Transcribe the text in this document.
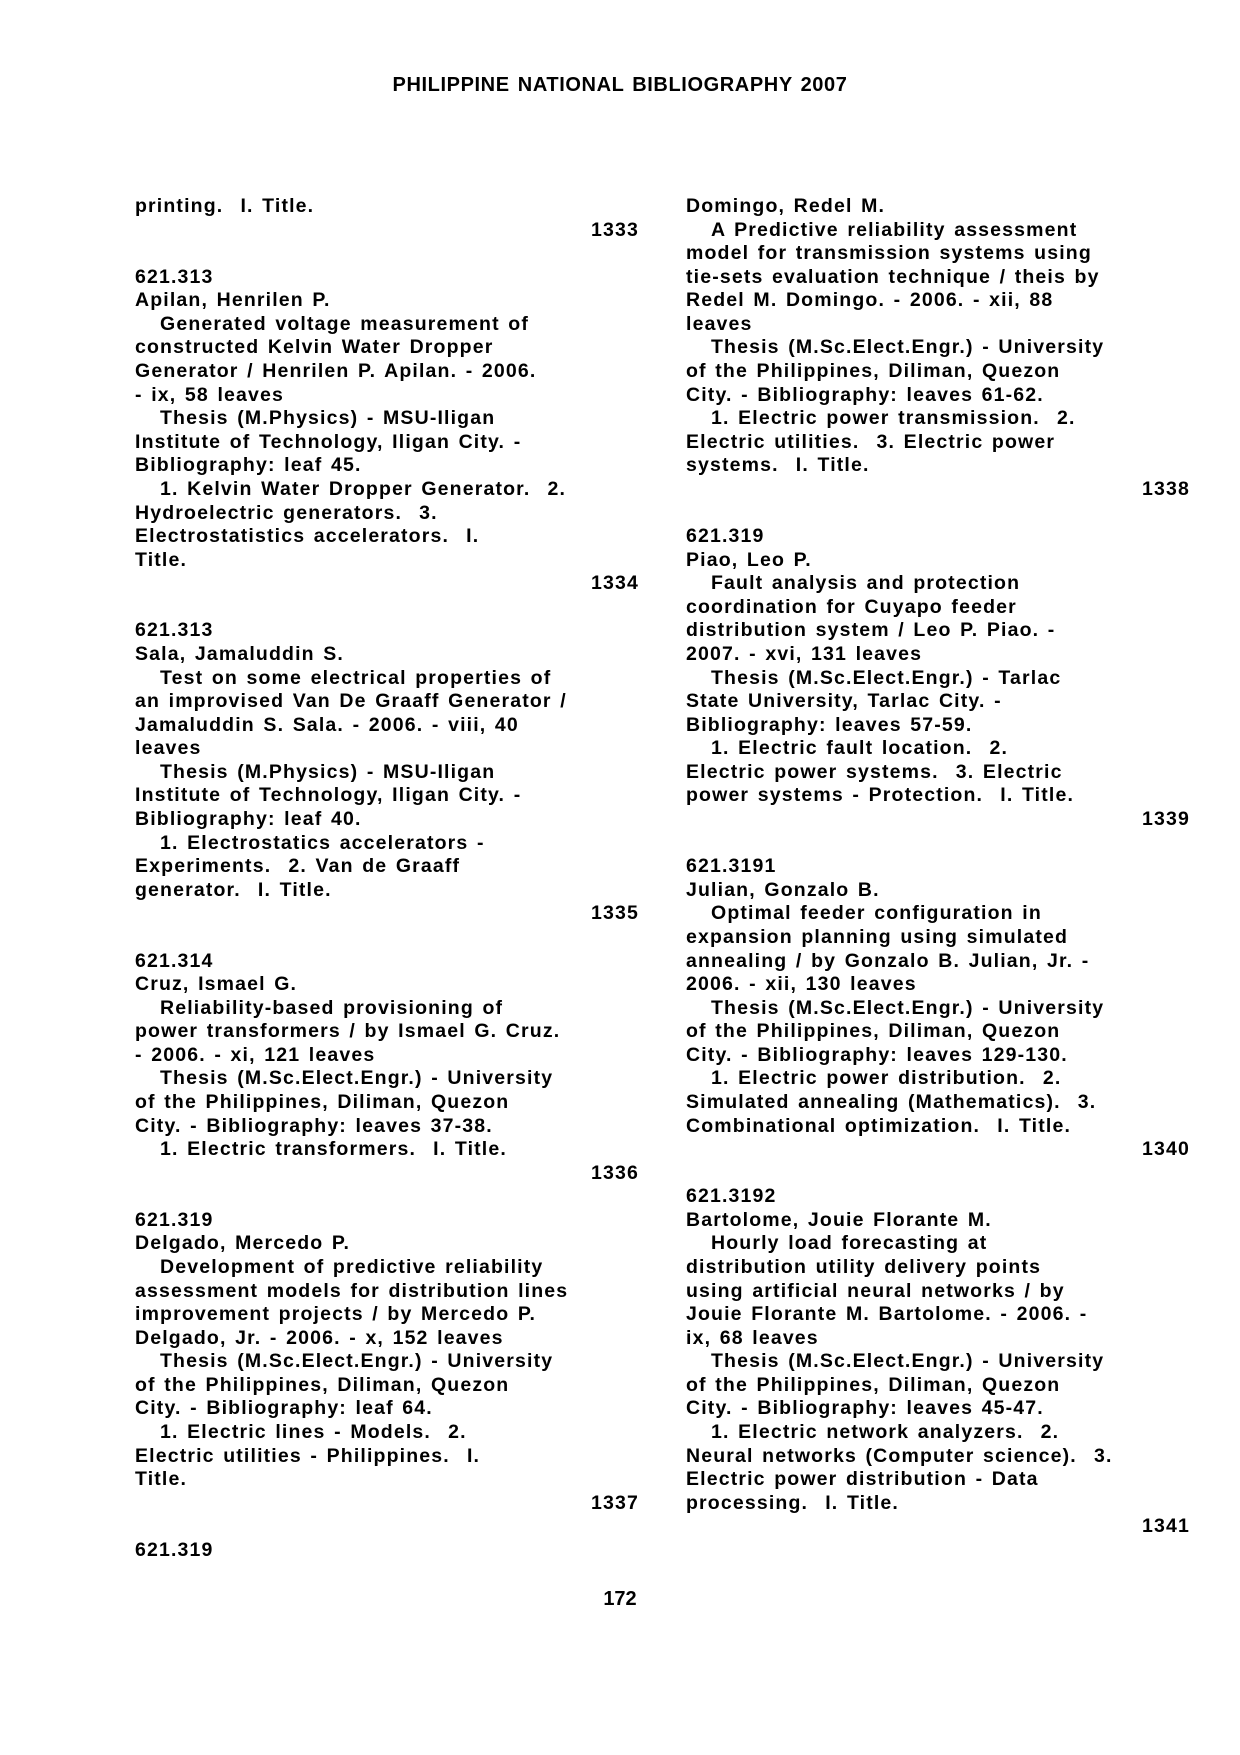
PHILIPPINE NATIONAL BIBLIOGRAPHY 2007
printing.  I. Title.
1333
621.313
Apilan, Henrilen P.
Generated voltage measurement of
constructed Kelvin Water Dropper
Generator / Henrilen P. Apilan. - 2006.
- ix, 58 leaves
Thesis (M.Physics) - MSU-Iligan
Institute of Technology, Iligan City. -
Bibliography: leaf 45.
1. Kelvin Water Dropper Generator.  2.
Hydroelectric generators.  3.
Electrostatistics accelerators.  I.
Title.
1334
621.313
Sala, Jamaluddin S.
Test on some electrical properties of
an improvised Van De Graaff Generator /
Jamaluddin S. Sala. - 2006. - viii, 40
leaves
Thesis (M.Physics) - MSU-Iligan
Institute of Technology, Iligan City. -
Bibliography: leaf 40.
1. Electrostatics accelerators -
Experiments.  2. Van de Graaff
generator.  I. Title.
1335
621.314
Cruz, Ismael G.
Reliability-based provisioning of
power transformers / by Ismael G. Cruz.
- 2006. - xi, 121 leaves
Thesis (M.Sc.Elect.Engr.) - University
of the Philippines, Diliman, Quezon
City. - Bibliography: leaves 37-38.
1. Electric transformers.  I. Title.
1336
621.319
Delgado, Mercedo P.
Development of predictive reliability
assessment models for distribution lines
improvement projects / by Mercedo P.
Delgado, Jr. - 2006. - x, 152 leaves
Thesis (M.Sc.Elect.Engr.) - University
of the Philippines, Diliman, Quezon
City. - Bibliography: leaf 64.
1. Electric lines - Models.  2.
Electric utilities - Philippines.  I.
Title.
1337
621.319
Domingo, Redel M.
A Predictive reliability assessment
model for transmission systems using
tie-sets evaluation technique / theis by
Redel M. Domingo. - 2006. - xii, 88
leaves
Thesis (M.Sc.Elect.Engr.) - University
of the Philippines, Diliman, Quezon
City. - Bibliography: leaves 61-62.
1. Electric power transmission.  2.
Electric utilities.  3. Electric power
systems.  I. Title.
1338
621.319
Piao, Leo P.
Fault analysis and protection
coordination for Cuyapo feeder
distribution system / Leo P. Piao. -
2007. - xvi, 131 leaves
Thesis (M.Sc.Elect.Engr.) - Tarlac
State University, Tarlac City. -
Bibliography: leaves 57-59.
1. Electric fault location.  2.
Electric power systems.  3. Electric
power systems - Protection.  I. Title.
1339
621.3191
Julian, Gonzalo B.
Optimal feeder configuration in
expansion planning using simulated
annealing / by Gonzalo B. Julian, Jr. -
2006. - xii, 130 leaves
Thesis (M.Sc.Elect.Engr.) - University
of the Philippines, Diliman, Quezon
City. - Bibliography: leaves 129-130.
1. Electric power distribution.  2.
Simulated annealing (Mathematics).  3.
Combinational optimization.  I. Title.
1340
621.3192
Bartolome, Jouie Florante M.
Hourly load forecasting at
distribution utility delivery points
using artificial neural networks / by
Jouie Florante M. Bartolome. - 2006. -
ix, 68 leaves
Thesis (M.Sc.Elect.Engr.) - University
of the Philippines, Diliman, Quezon
City. - Bibliography: leaves 45-47.
1. Electric network analyzers.  2.
Neural networks (Computer science).  3.
Electric power distribution - Data
processing.  I. Title.
1341
172
